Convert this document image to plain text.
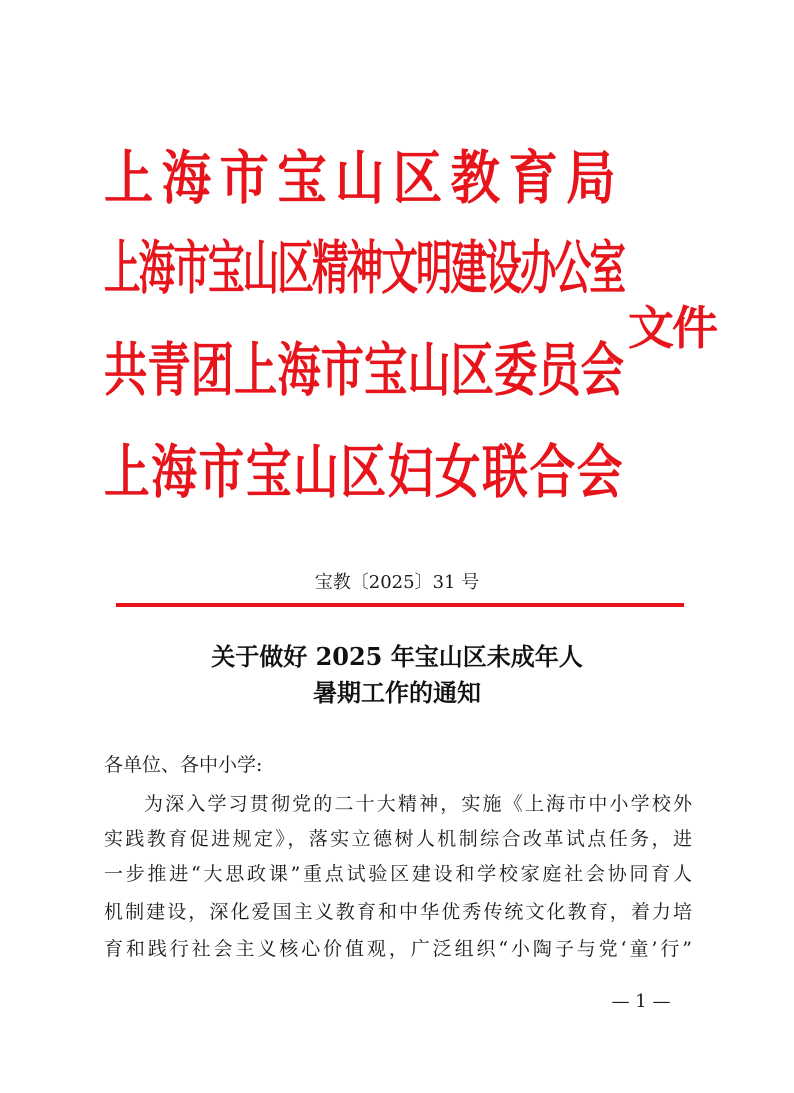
上海市宝山区教育局
上海市宝山区精神文明建设办公室
共青团上海市宝山区委员会
上海市宝山区妇女联合会
文件
宝教〔2025〕31 号
关于做好 2025 年宝山区未成年人
暑期工作的通知

各单位、各中小学:

为深入学习贯彻党的二十大精神，实施《上海市中小学校外

实践教育促进规定》，落实立德树人机制综合改革试点任务，进

一步推进“大思政课”重点试验区建设和学校家庭社会协同育人

机制建设，深化爱国主义教育和中华优秀传统文化教育，着力培

育和践行社会主义核心价值观，广泛组织“小陶子与党‘童’行”

— 1 —
